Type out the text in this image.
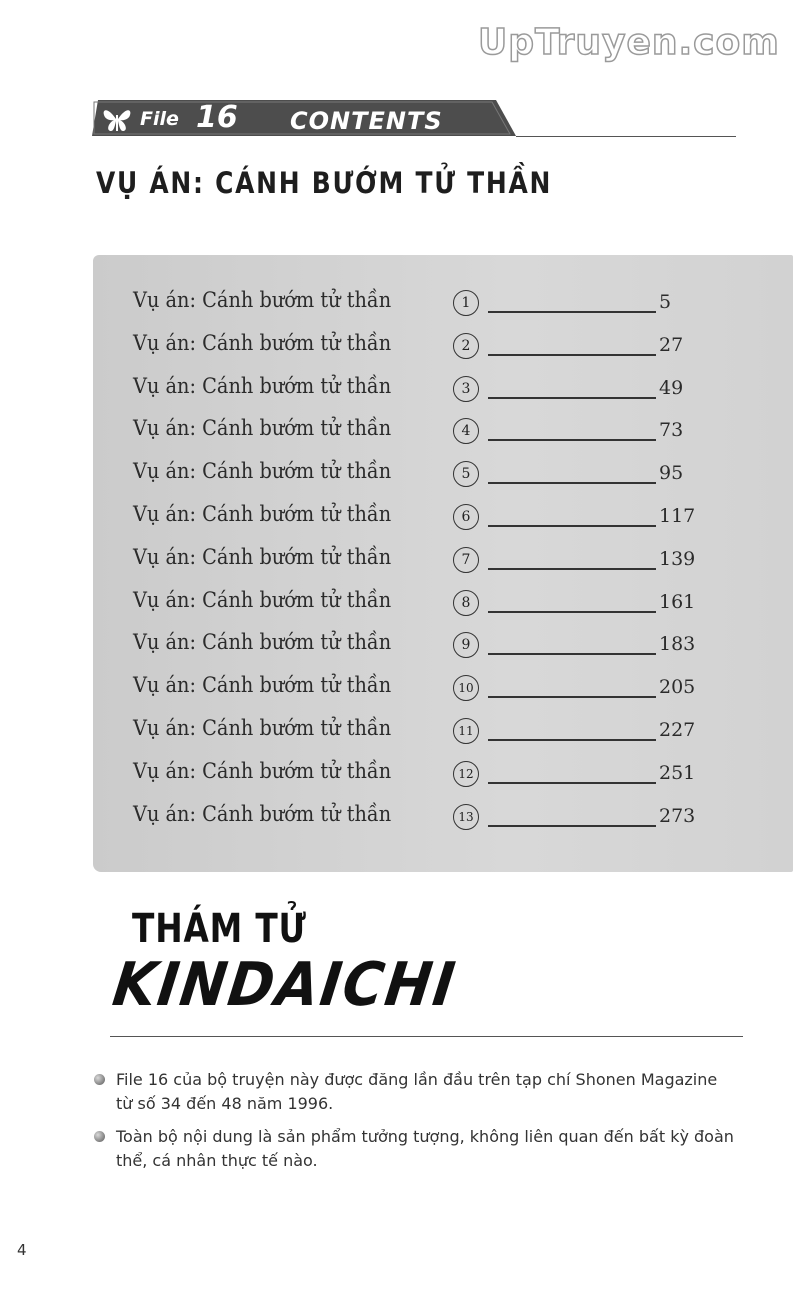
UpTruyen.com
File 16 CONTENTS
VỤ ÁN: CÁNH BƯỚM TỬ THẦN
Vụ án: Cánh bướm tử thần	1	5
Vụ án: Cánh bướm tử thần	2	27
Vụ án: Cánh bướm tử thần	3	49
Vụ án: Cánh bướm tử thần	4	73
Vụ án: Cánh bướm tử thần	5	95
Vụ án: Cánh bướm tử thần	6	117
Vụ án: Cánh bướm tử thần	7	139
Vụ án: Cánh bướm tử thần	8	161
Vụ án: Cánh bướm tử thần	9	183
Vụ án: Cánh bướm tử thần	10	205
Vụ án: Cánh bướm tử thần	11	227
Vụ án: Cánh bướm tử thần	12	251
Vụ án: Cánh bướm tử thần	13	273
THÁM TỬ
KINDAICHI
File 16 của bộ truyện này được đăng lần đầu trên tạp chí Shonen Magazine từ số 34 đến 48 năm 1996.
Toàn bộ nội dung là sản phẩm tưởng tượng, không liên quan đến bất kỳ đoàn thể, cá nhân thực tế nào.
4
